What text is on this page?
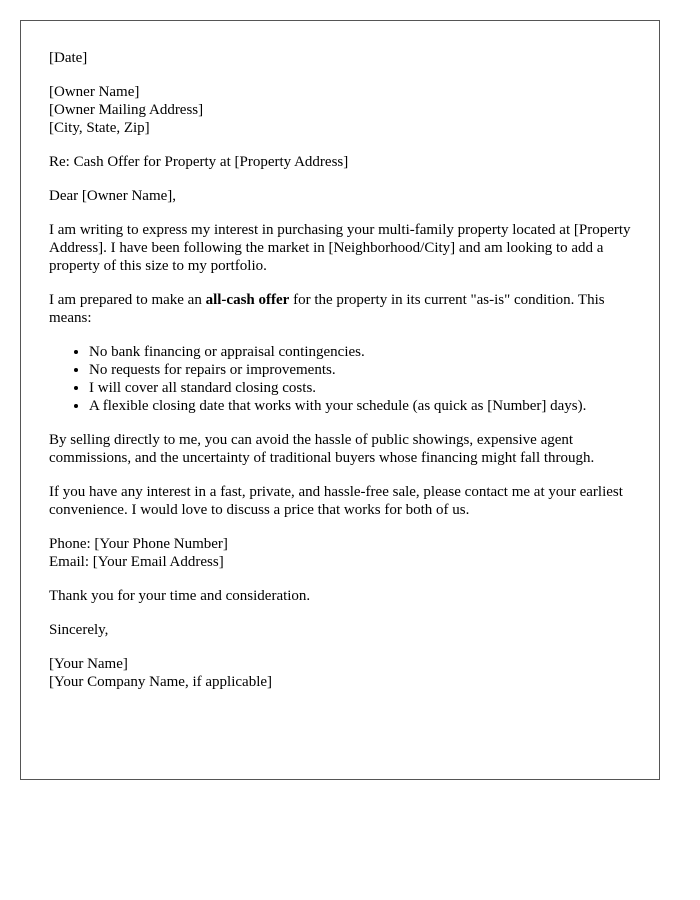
[Date]

[Owner Name]
[Owner Mailing Address]
[City, State, Zip]

Re: Cash Offer for Property at [Property Address]

Dear [Owner Name],

I am writing to express my interest in purchasing your multi-family property located at [Property Address]. I have been following the market in [Neighborhood/City] and am looking to add a property of this size to my portfolio.

I am prepared to make an all-cash offer for the property in its current "as-is" condition. This means:

• No bank financing or appraisal contingencies.
• No requests for repairs or improvements.
• I will cover all standard closing costs.
• A flexible closing date that works with your schedule (as quick as [Number] days).

By selling directly to me, you can avoid the hassle of public showings, expensive agent commissions, and the uncertainty of traditional buyers whose financing might fall through.

If you have any interest in a fast, private, and hassle-free sale, please contact me at your earliest convenience. I would love to discuss a price that works for both of us.

Phone: [Your Phone Number]
Email: [Your Email Address]

Thank you for your time and consideration.

Sincerely,

[Your Name]
[Your Company Name, if applicable]
